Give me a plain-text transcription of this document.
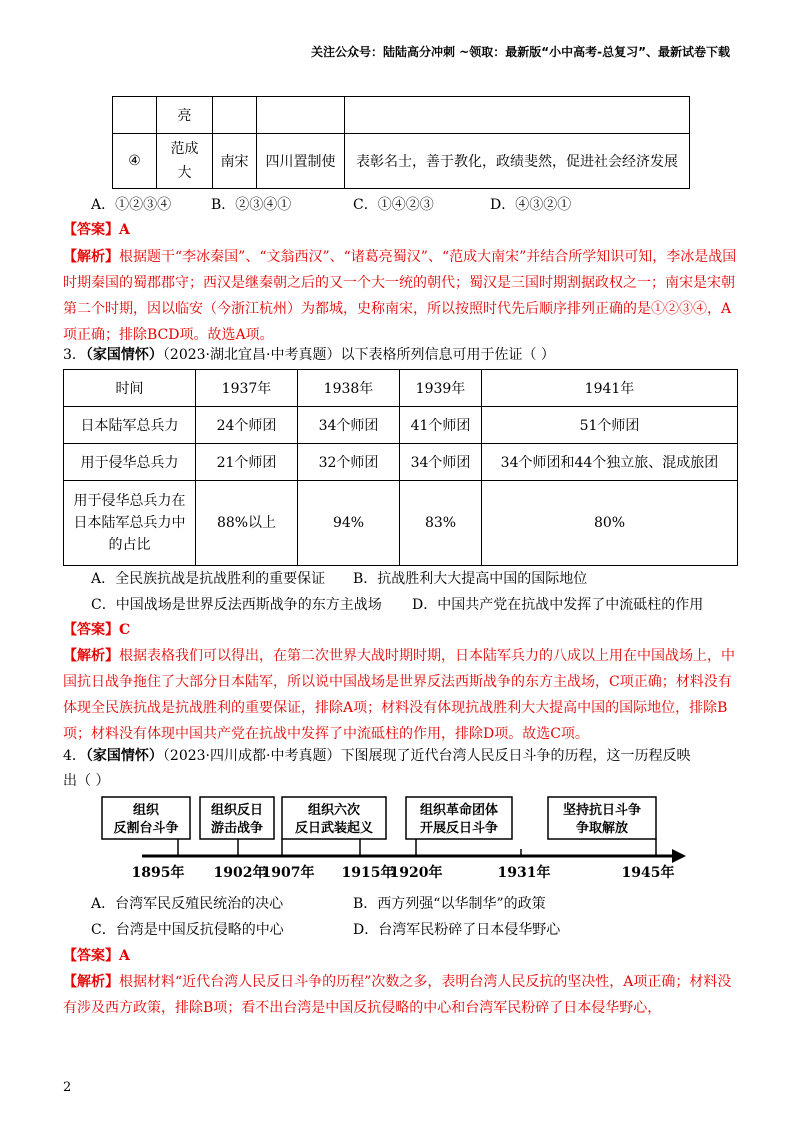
关注公众号：陆陆高分冲刺 ~领取：最新版“小中高考-总复习”、最新试卷下载
	亮			
④	范成大	南宋	四川置制使	表彰名士，善于教化，政绩斐然，促进社会经济发展
A．①②③④	B．②③④①	C．①④②③	D．④③②①
【答案】A
【解析】根据题干“李冰秦国”、“文翁西汉”、“诸葛亮蜀汉”、“范成大南宋”并结合所学知识可知，李冰是战国时期秦国的蜀郡郡守；西汉是继秦朝之后的又一个大一统的朝代；蜀汉是三国时期割据政权之一；南宋是宋朝第二个时期，因以临安（今浙江杭州）为都城，史称南宋，所以按照时代先后顺序排列正确的是①②③④，A项正确；排除BCD项。故选A项。
3．（家国情怀）（2023·湖北宜昌·中考真题）以下表格所列信息可用于佐证（ ）
时间	1937年	1938年	1939年	1941年
日本陆军总兵力	24个师团	34个师团	41个师团	51个师团
用于侵华总兵力	21个师团	32个师团	34个师团	34个师团和44个独立旅、混成旅团
用于侵华总兵力在日本陆军总兵力中的占比	88%以上	94%	83%	80%
A．全民族抗战是抗战胜利的重要保证 B．抗战胜利大大提高中国的国际地位
C．中国战场是世界反法西斯战争的东方主战场 D．中国共产党在抗战中发挥了中流砥柱的作用
【答案】C
【解析】根据表格我们可以得出，在第二次世界大战时期时期，日本陆军兵力的八成以上用在中国战场上，中国抗日战争拖住了大部分日本陆军，所以说中国战场是世界反法西斯战争的东方主战场，C项正确；材料没有体现全民族抗战是抗战胜利的重要保证，排除A项；材料没有体现抗战胜利大大提高中国的国际地位，排除B项；材料没有体现中国共产党在抗战中发挥了中流砥柱的作用，排除D项。故选C项。
4．（家国情怀）（2023·四川成都·中考真题）下图展现了近代台湾人民反日斗争的历程，这一历程反映
出（ ）
组织
反割台斗争
组织反日
游击战争
组织六次
反日武装起义
组织革命团体
开展反日斗争
坚持抗日斗争
争取解放
1895年 1902年
1907年 1915年
1920年	1931年	1945年
A．台湾军民反殖民统治的决心	B．西方列强“以华制华”的政策
C．台湾是中国反抗侵略的中心	D．台湾军民粉碎了日本侵华野心
【答案】A
【解析】根据材料“近代台湾人民反日斗争的历程”次数之多，表明台湾人民反抗的坚决性，A项正确；材料没有涉及西方政策，排除B项；看不出台湾是中国反抗侵略的中心和台湾军民粉碎了日本侵华野心，
2
